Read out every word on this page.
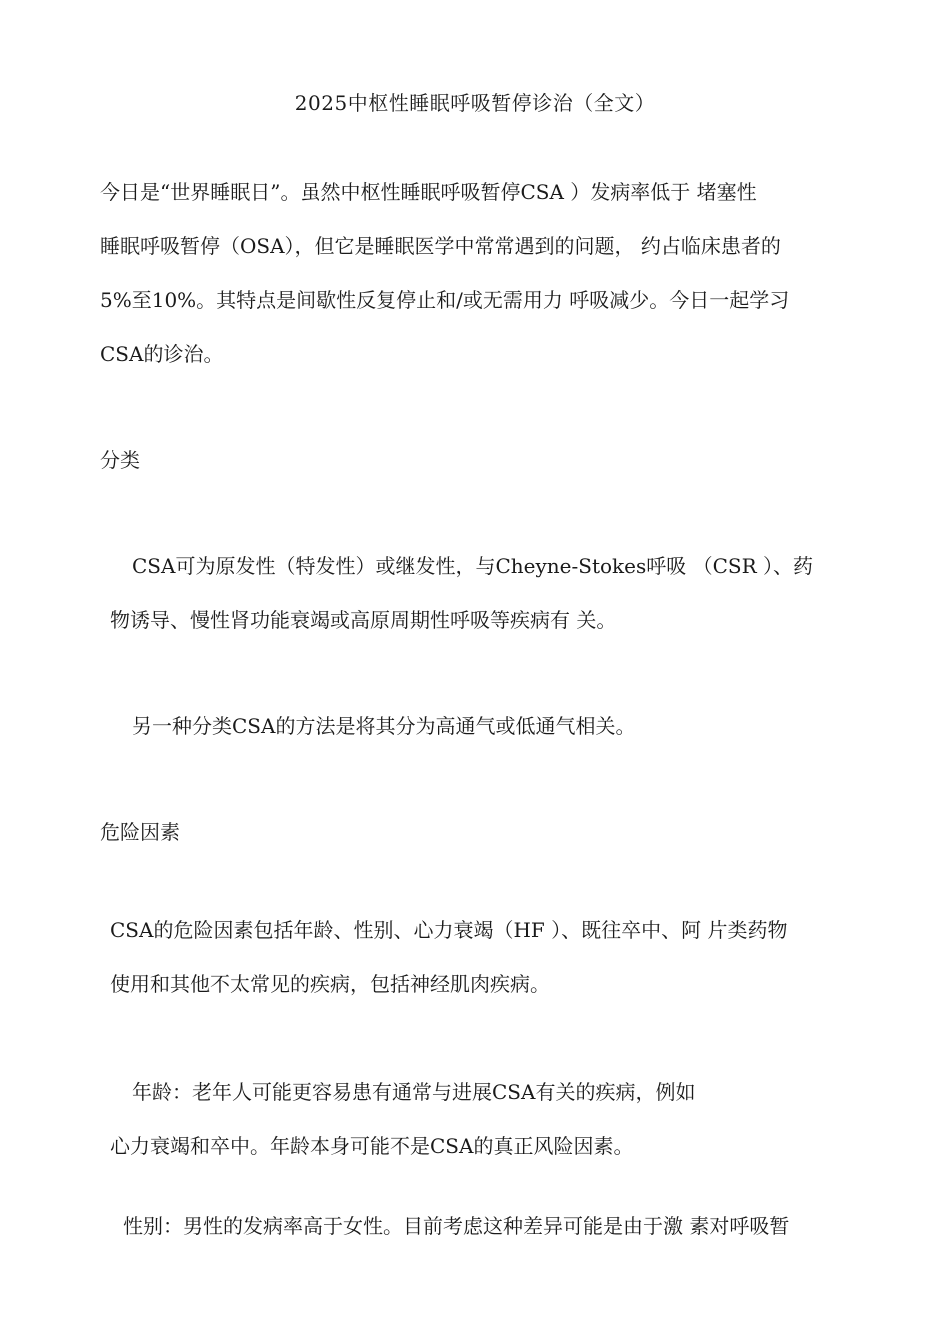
2025中枢性睡眠呼吸暂停诊治（全文）

今日是“世界睡眠日”。虽然中枢性睡眠呼吸暂停CSA ）发病率低于 堵塞性

睡眠呼吸暂停（OSA），但它是睡眠医学中常常遇到的问题， 约占临床患者的

5%至10%。其特点是间歇性反复停止和/或无需用力 呼吸减少。今日一起学习

CSA的诊治。

分类

CSA可为原发性（特发性）或继发性，与Cheyne-Stokes呼吸 （CSR ）、药

物诱导、慢性肾功能衰竭或高原周期性呼吸等疾病有 关。

另一种分类CSA的方法是将其分为高通气或低通气相关。

危险因素

CSA的危险因素包括年龄、性别、心力衰竭（HF ）、既往卒中、阿 片类药物

使用和其他不太常见的疾病，包括神经肌肉疾病。

年龄：老年人可能更容易患有通常与进展CSA有关的疾病，例如

心力衰竭和卒中。年龄本身可能不是CSA的真正风险因素。

性别：男性的发病率高于女性。目前考虑这种差异可能是由于激 素对呼吸暂
